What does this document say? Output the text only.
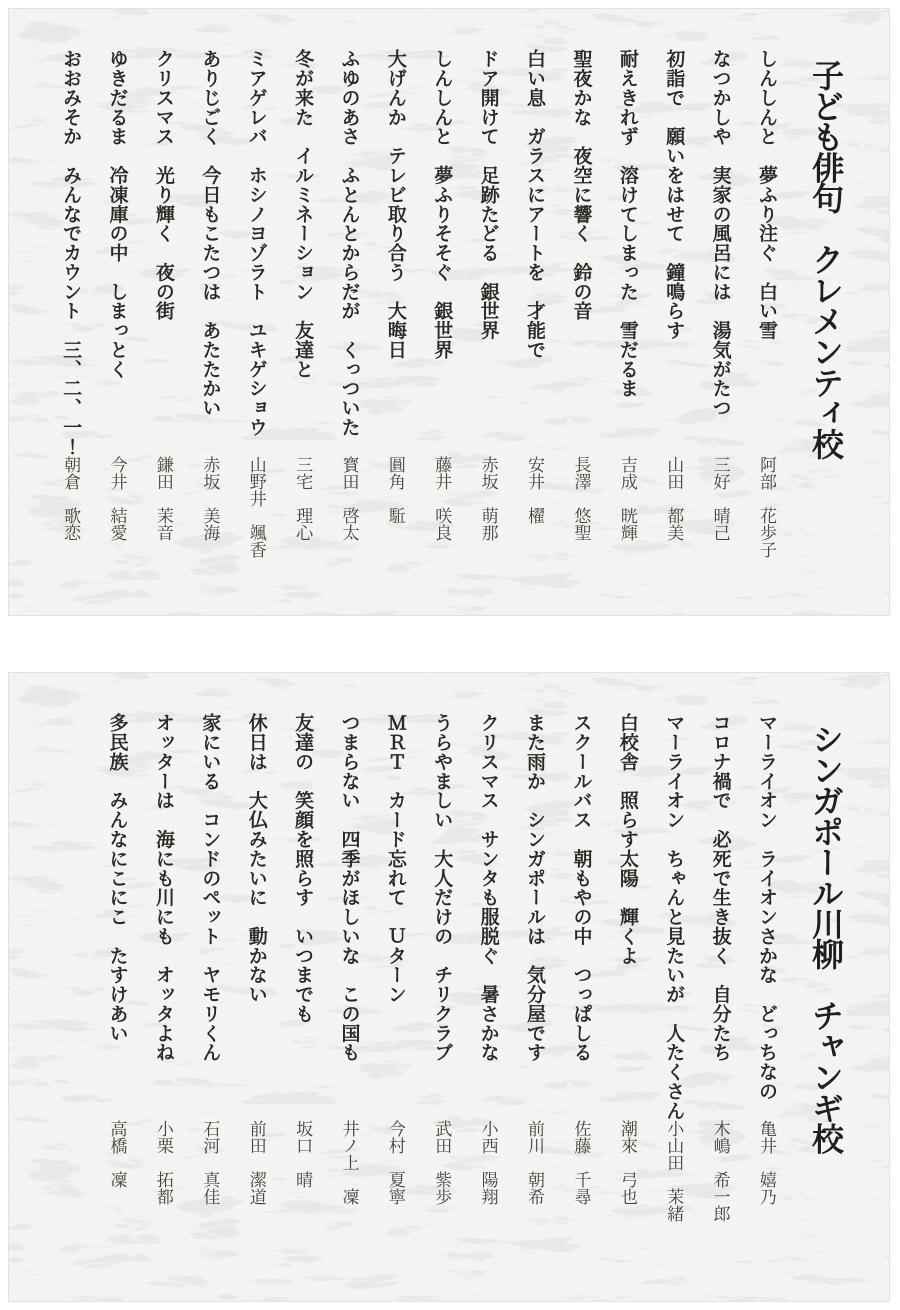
子ども俳句　クレメンティ校
しんしんと　夢ふり注ぐ　白い雪
阿部　花歩子

なつかしや　実家の風呂には　湯気がたつ
三好　晴己

初詣で　願いをはせて　鐘鳴らす
山田　都美

耐えきれず　溶けてしまった　雪だるま
吉成　晄輝

聖夜かな　夜空に響く　鈴の音
長澤　悠聖

白い息　ガラスにアートを　才能で
安井　櫂

ドア開けて　足跡たどる　銀世界
赤坂　萌那

しんしんと　夢ふりそそぐ　銀世界
藤井　咲良

大げんか　テレビ取り合う　大晦日
圓角　駈

ふゆのあさ　ふとんとからだが　くっついた
寳田　啓太

冬が来た　イルミネーション　友達と
三宅　理心

ミアゲレバ　ホシノヨゾラト　ユキゲショウ
山野井　颯香

ありじごく　今日もこたつは　あたたかい
赤坂　美海

クリスマス　光り輝く　夜の街
鎌田　茉音

ゆきだるま　冷凍庫の中　しまっとく
今井　結愛

おおみそか　みんなでカウント　三、二、一！
朝倉　歌恋
シンガポール川柳　チャンギ校
マーライオン　ライオンさかな　どっちなの
亀井　嬉乃

コロナ禍で　必死で生き抜く　自分たち
木嶋　希一郎

マーライオン　ちゃんと見たいが　人たくさん
小山田　茉緒

白校舎　照らす太陽　輝くよ
潮來　弓也

スクールバス　朝もやの中　つっぱしる
佐藤　千尋

また雨か　シンガポールは　気分屋です
前川　朝希

クリスマス　サンタも服脱ぐ　暑さかな
小西　陽翔

うらやましい　大人だけの　チリクラブ
武田　紫歩

ＭＲＴ　カード忘れて　Ｕターン
今村　夏寧

つまらない　四季がほしいな　この国も
井ノ上　凜

友達の　笑顔を照らす　いつまでも
坂口　晴

休日は　大仏みたいに　動かない
前田　潔道

家にいる　コンドのペット　ヤモリくん
石河　真佳

オッターは　海にも川にも　オッタよね
小栗　拓都

多民族　みんなにこにこ　たすけあい
高橋　凜
